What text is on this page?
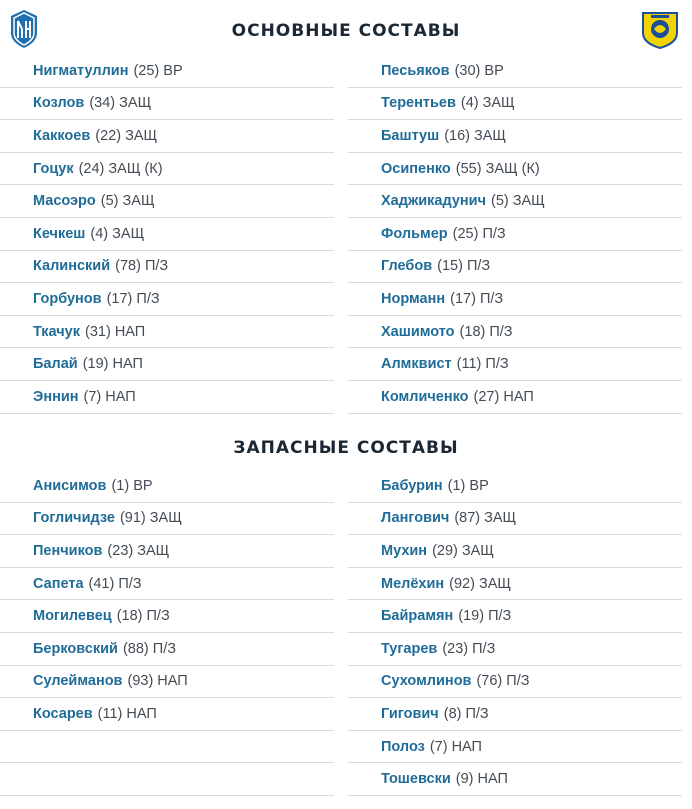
ОСНОВНЫЕ СОСТАВЫ
Нигматуллин (25) ВР
Козлов (34) ЗАЩ
Каккоев (22) ЗАЩ
Гоцук (24) ЗАЩ (К)
Масоэро (5) ЗАЩ
Кечкеш (4) ЗАЩ
Калинский (78) П/З
Горбунов (17) П/З
Ткачук (31) НАП
Балай (19) НАП
Эннин (7) НАП
Песьяков (30) ВР
Терентьев (4) ЗАЩ
Баштуш (16) ЗАЩ
Осипенко (55) ЗАЩ (К)
Хаджикадунич (5) ЗАЩ
Фольмер (25) П/З
Глебов (15) П/З
Норманн (17) П/З
Хашимото (18) П/З
Алмквист (11) П/З
Комличенко (27) НАП
ЗАПАСНЫЕ СОСТАВЫ
Анисимов (1) ВР
Гогличидзе (91) ЗАЩ
Пенчиков (23) ЗАЩ
Сапета (41) П/З
Могилевец (18) П/З
Берковский (88) П/З
Сулейманов (93) НАП
Косарев (11) НАП
Бабурин (1) ВР
Лангович (87) ЗАЩ
Мухин (29) ЗАЩ
Мелёхин (92) ЗАЩ
Байрамян (19) П/З
Тугарев (23) П/З
Сухомлинов (76) П/З
Гигович (8) П/З
Полоз (7) НАП
Тошевски (9) НАП
